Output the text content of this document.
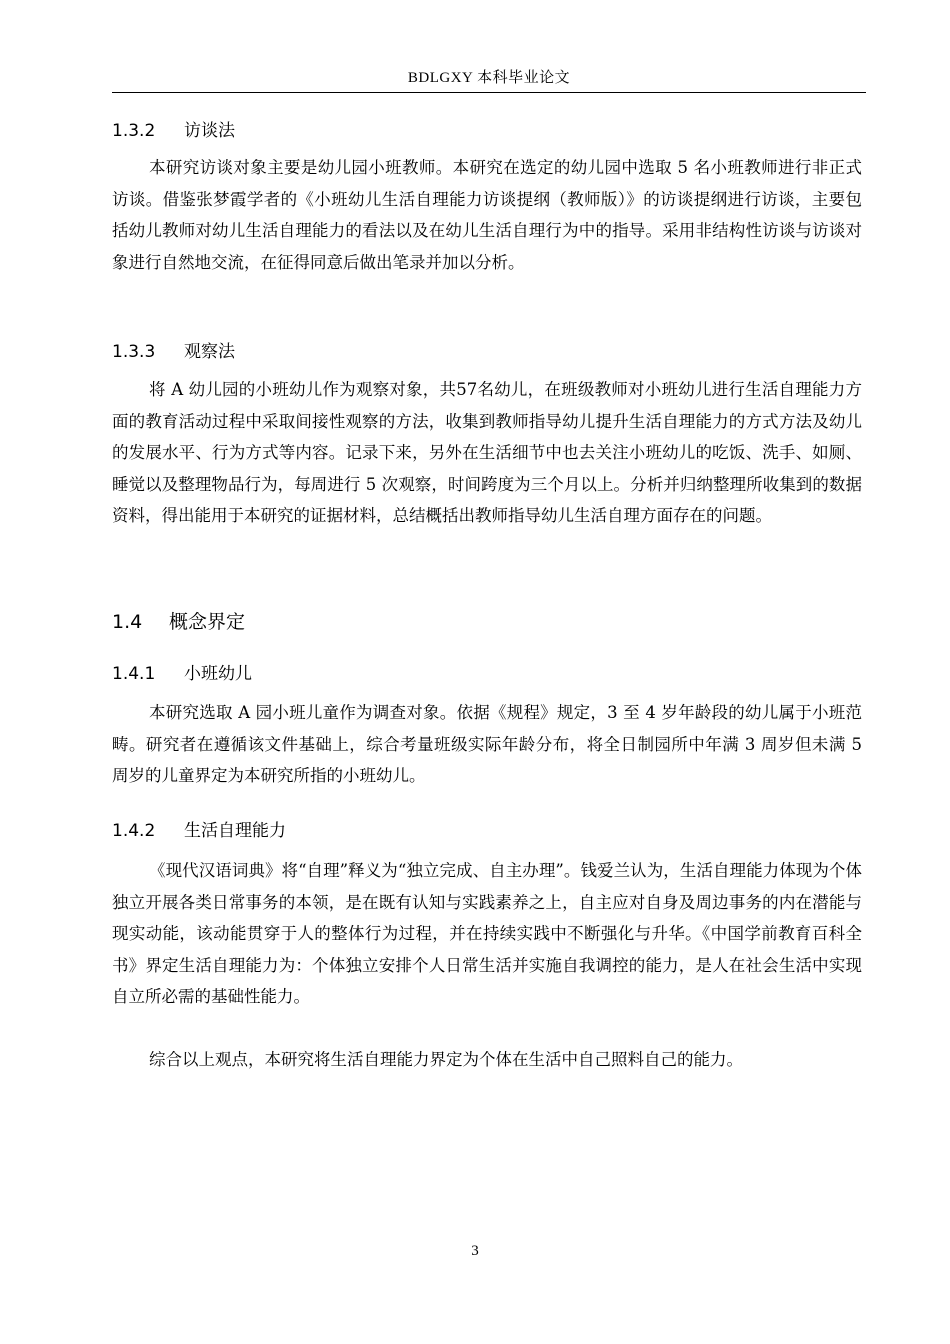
BDLGXY 本科毕业论文
1.3.2 访谈法

本研究访谈对象主要是幼儿园小班教师。本研究在选定的幼儿园中选取 5 名小班教师进行非正式访谈。借鉴张梦霞学者的《小班幼儿生活自理能力访谈提纲（教师版）》的访谈提纲进行访谈，主要包括幼儿教师对幼儿生活自理能力的看法以及在幼儿生活自理行为中的指导。采用非结构性访谈与访谈对象进行自然地交流，在征得同意后做出笔录并加以分析。

1.3.3 观察法

将 A 幼儿园的小班幼儿作为观察对象，共57名幼儿，在班级教师对小班幼儿进行生活自理能力方面的教育活动过程中采取间接性观察的方法，收集到教师指导幼儿提升生活自理能力的方式方法及幼儿的发展水平、行为方式等内容。记录下来，另外在生活细节中也去关注小班幼儿的吃饭、洗手、如厕、睡觉以及整理物品行为，每周进行 5 次观察，时间跨度为三个月以上。分析并归纳整理所收集到的数据资料，得出能用于本研究的证据材料，总结概括出教师指导幼儿生活自理方面存在的问题。

1.4 概念界定
1.4.1 小班幼儿

本研究选取 A 园小班儿童作为调查对象。依据《规程》规定，3 至 4 岁年龄段的幼儿属于小班范畴。研究者在遵循该文件基础上，综合考量班级实际年龄分布，将全日制园所中年满 3 周岁但未满 5 周岁的儿童界定为本研究所指的小班幼儿。

1.4.2 生活自理能力

《现代汉语词典》将“自理”释义为“独立完成、自主办理”。钱爱兰认为，生活自理能力体现为个体独立开展各类日常事务的本领，是在既有认知与实践素养之上，自主应对自身及周边事务的内在潜能与现实动能，该动能贯穿于人的整体行为过程，并在持续实践中不断强化与升华。《中国学前教育百科全书》界定生活自理能力为：个体独立安排个人日常生活并实施自我调控的能力，是人在社会生活中实现自立所必需的基础性能力。

综合以上观点，本研究将生活自理能力界定为个体在生活中自己照料自己的能力。

3
